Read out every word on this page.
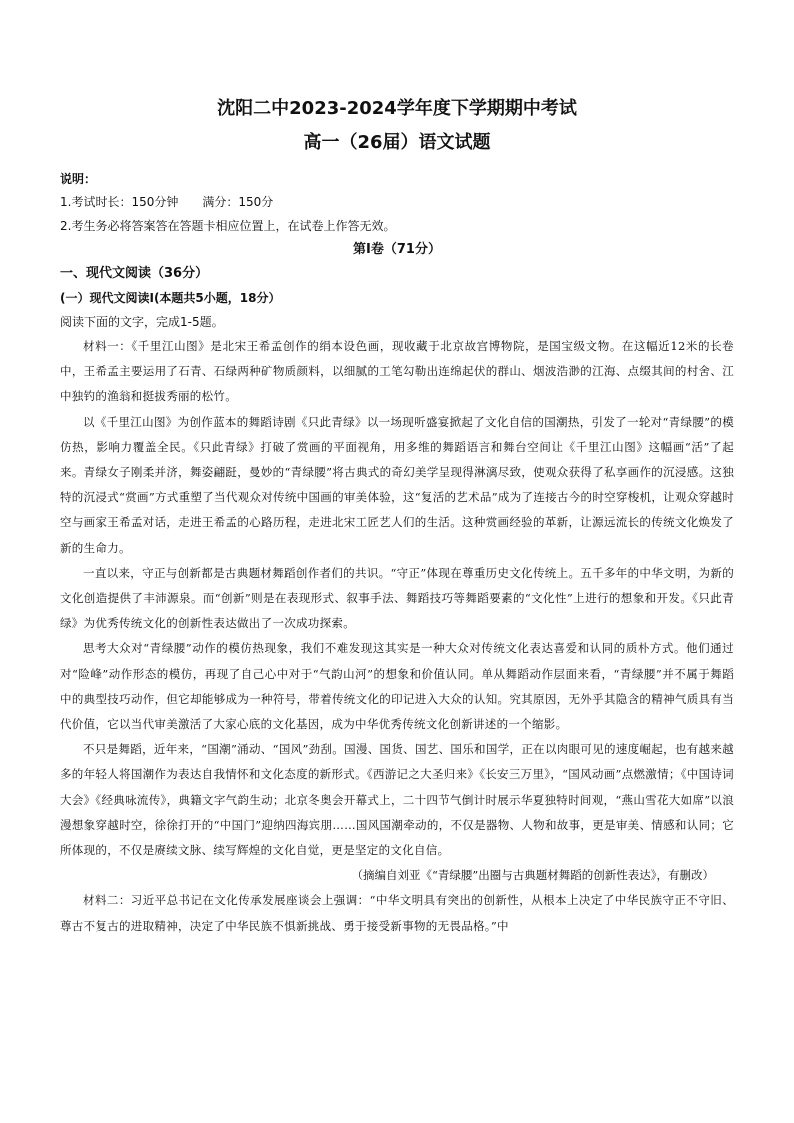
沈阳二中2023-2024学年度下学期期中考试
高一（26届）语文试题

说明：

1.考试时长：150分钟　　满分：150分

2.考生务必将答案答在答题卡相应位置上，在试卷上作答无效。

第Ⅰ卷（71分）

一、现代文阅读（36分）

(一）现代文阅读I(本题共5小题，18分）

阅读下面的文字，完成1-5题。

材料一：《千里江山图》是北宋王希孟创作的绢本设色画，现收藏于北京故宫博物院，是国宝级文物。在这幅近12米的长卷中，王希孟主要运用了石青、石绿两种矿物质颜料，以细腻的工笔勾勒出连绵起伏的群山、烟波浩渺的江海、点缀其间的村舍、江中独钓的渔翁和挺拔秀丽的松竹。

以《千里江山图》为创作蓝本的舞蹈诗剧《只此青绿》以一场现听盛宴掀起了文化自信的国潮热，引发了一轮对“青绿腰”的模仿热，影响力覆盖全民。《只此青绿》打破了赏画的平面视角，用多维的舞蹈语言和舞台空间让《千里江山图》这幅画“活”了起来。青绿女子刚柔并济，舞姿翩跹，曼妙的“青绿腰”将古典式的奇幻美学呈现得淋漓尽致，使观众获得了私享画作的沉浸感。这独特的沉浸式“赏画”方式重塑了当代观众对传统中国画的审美体验，这“复活的艺术品”成为了连接古今的时空穿梭机，让观众穿越时空与画家王希孟对话，走进王希孟的心路历程，走进北宋工匠艺人们的生活。这种赏画经验的革新，让源远流长的传统文化焕发了新的生命力。

一直以来，守正与创新都是古典题材舞蹈创作者们的共识。“守正”体现在尊重历史文化传统上。五千多年的中华文明，为新的文化创造提供了丰沛源泉。而“创新”则是在表现形式、叙事手法、舞蹈技巧等舞蹈要素的“文化性”上进行的想象和开发。《只此青绿》为优秀传统文化的创新性表达做出了一次成功探索。

思考大众对“青绿腰”动作的模仿热现象，我们不难发现这其实是一种大众对传统文化表达喜爱和认同的质朴方式。他们通过对“险峰”动作形态的模仿，再现了自己心中对于“气韵山河”的想象和价值认同。单从舞蹈动作层面来看，“青绿腰”并不属于舞蹈中的典型技巧动作，但它却能够成为一种符号，带着传统文化的印记进入大众的认知。究其原因，无外乎其隐含的精神气质具有当代价值，它以当代审美激活了大家心底的文化基因，成为中华优秀传统文化创新讲述的一个缩影。

不只是舞蹈，近年来，“国潮”涌动、“国风”劲刮。国漫、国货、国艺、国乐和国学，正在以肉眼可见的速度崛起，也有越来越多的年轻人将国潮作为表达自我情怀和文化态度的新形式。《西游记之大圣归来》《长安三万里》，“国风动画”点燃激情；《中国诗词大会》《经典咏流传》，典籍文字气韵生动；北京冬奥会开幕式上，二十四节气倒计时展示华夏独特时间观，“燕山雪花大如席”以浪漫想象穿越时空，徐徐打开的“中国门”迎纳四海宾朋……国风国潮牵动的，不仅是器物、人物和故事，更是审美、情感和认同；它所体现的，不仅是赓续文脉、续写辉煌的文化自觉，更是坚定的文化自信。

（摘编自刘亚《“青绿腰”出圈与古典题材舞蹈的创新性表达》，有删改）

材料二：习近平总书记在文化传承发展座谈会上强调：“中华文明具有突出的创新性，从根本上决定了中华民族守正不守旧、尊古不复古的进取精神，决定了中华民族不惧新挑战、勇于接受新事物的无畏品格。”中
